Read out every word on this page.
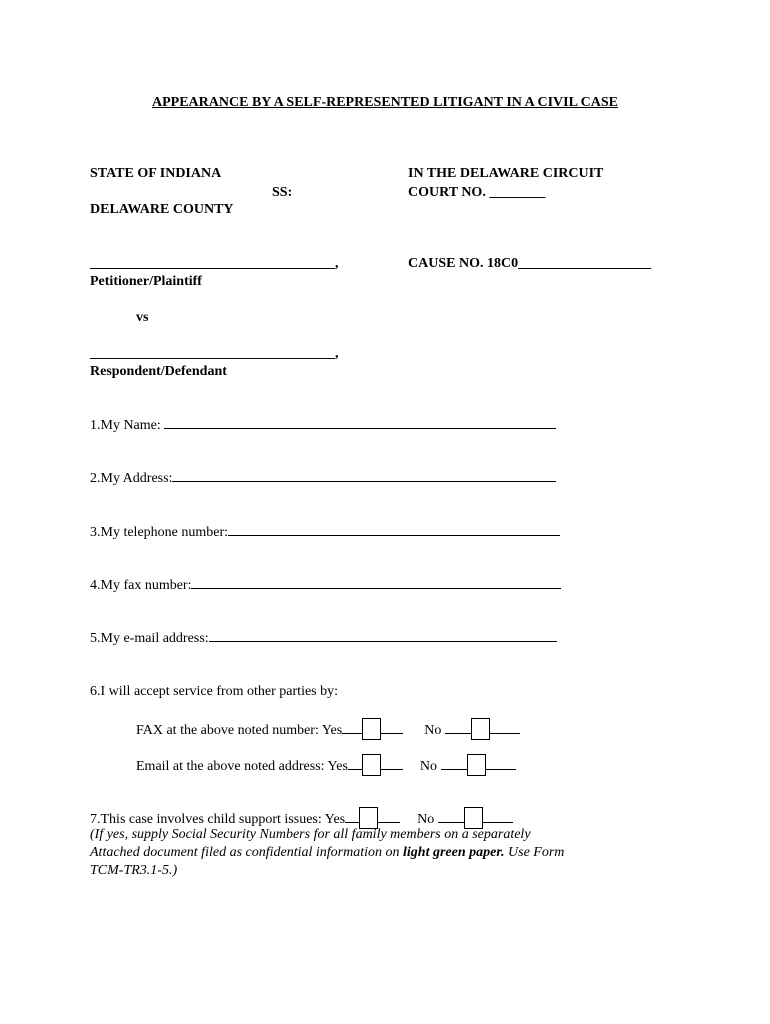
APPEARANCE BY A SELF-REPRESENTED LITIGANT IN A CIVIL CASE
STATE OF INDIANA
SS:
DELAWARE COUNTY
IN THE DELAWARE CIRCUIT
COURT NO. ________
___________________________________,	CAUSE NO. 18C0___________________
Petitioner/Plaintiff
vs
___________________________________,
Respondent/Defendant
1.My Name:
2.My Address:
3.My telephone number:
4.My fax number:
5.My e-mail address:
6.I will accept service from other parties by:
FAX at the above noted number: Yes	No
Email at the above noted address: Yes	No
7.This case involves child support issues: Yes	No
(If yes, supply Social Security Numbers for all family members on a separately Attached document filed as confidential information on light green paper. Use Form TCM-TR3.1-5.)
